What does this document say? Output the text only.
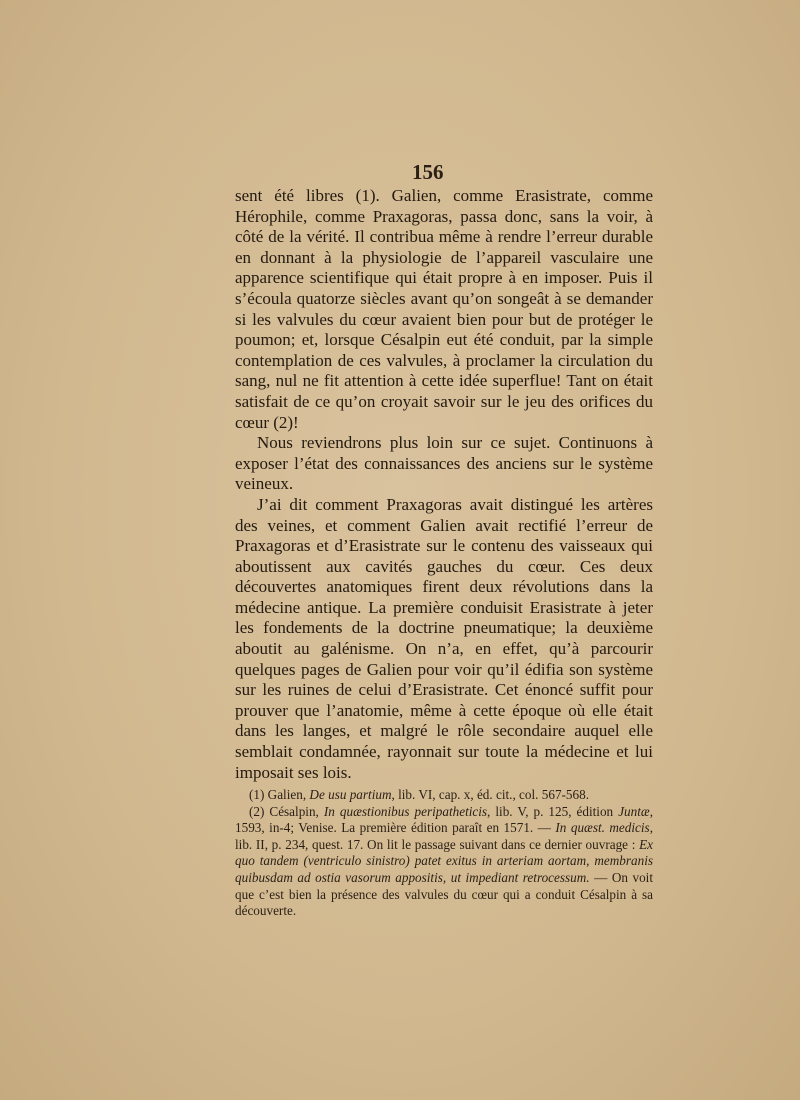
156

sent été libres (1). Galien, comme Erasistrate, comme Hérophile, comme Praxagoras, passa donc, sans la voir, à côté de la vérité. Il contribua même à rendre l’erreur durable en donnant à la physiologie de l’appareil vasculaire une apparence scientifique qui était propre à en imposer. Puis il s’écoula quatorze siècles avant qu’on songeât à se demander si les valvules du cœur avaient bien pour but de protéger le poumon; et, lorsque Césalpin eut été conduit, par la simple contemplation de ces valvules, à proclamer la circulation du sang, nul ne fit attention à cette idée superflue! Tant on était satisfait de ce qu’on croyait savoir sur le jeu des orifices du cœur (2)!

Nous reviendrons plus loin sur ce sujet. Continuons à exposer l’état des connaissances des anciens sur le système veineux.

J’ai dit comment Praxagoras avait distingué les artères des veines, et comment Galien avait rectifié l’erreur de Praxagoras et d’Erasistrate sur le contenu des vaisseaux qui aboutissent aux cavités gauches du cœur. Ces deux découvertes anatomiques firent deux révolutions dans la médecine antique. La première conduisit Erasistrate à jeter les fondements de la doctrine pneumatique; la deuxième aboutit au galénisme. On n’a, en effet, qu’à parcourir quelques pages de Galien pour voir qu’il édifia son système sur les ruines de celui d’Erasistrate. Cet énoncé suffit pour prouver que l’anatomie, même à cette époque où elle était dans les langes, et malgré le rôle secondaire auquel elle semblait condamnée, rayonnait sur toute la médecine et lui imposait ses lois.

(1) Galien, De usu partium, lib. VI, cap. x, éd. cit., col. 567-568.

(2) Césalpin, In quæstionibus peripatheticis, lib. V, p. 125, édition Juntæ, 1593, in-4; Venise. La première édition paraît en 1571. — In quæst. medicis, lib. II, p. 234, quest. 17. On lit le passage suivant dans ce dernier ouvrage : Ex quo tandem (ventriculo sinistro) patet exitus in arteriam aortam, membranis quibusdam ad ostia vasorum appositis, ut impediant retrocessum. — On voit que c’est bien la présence des valvules du cœur qui a conduit Césalpin à sa découverte.
